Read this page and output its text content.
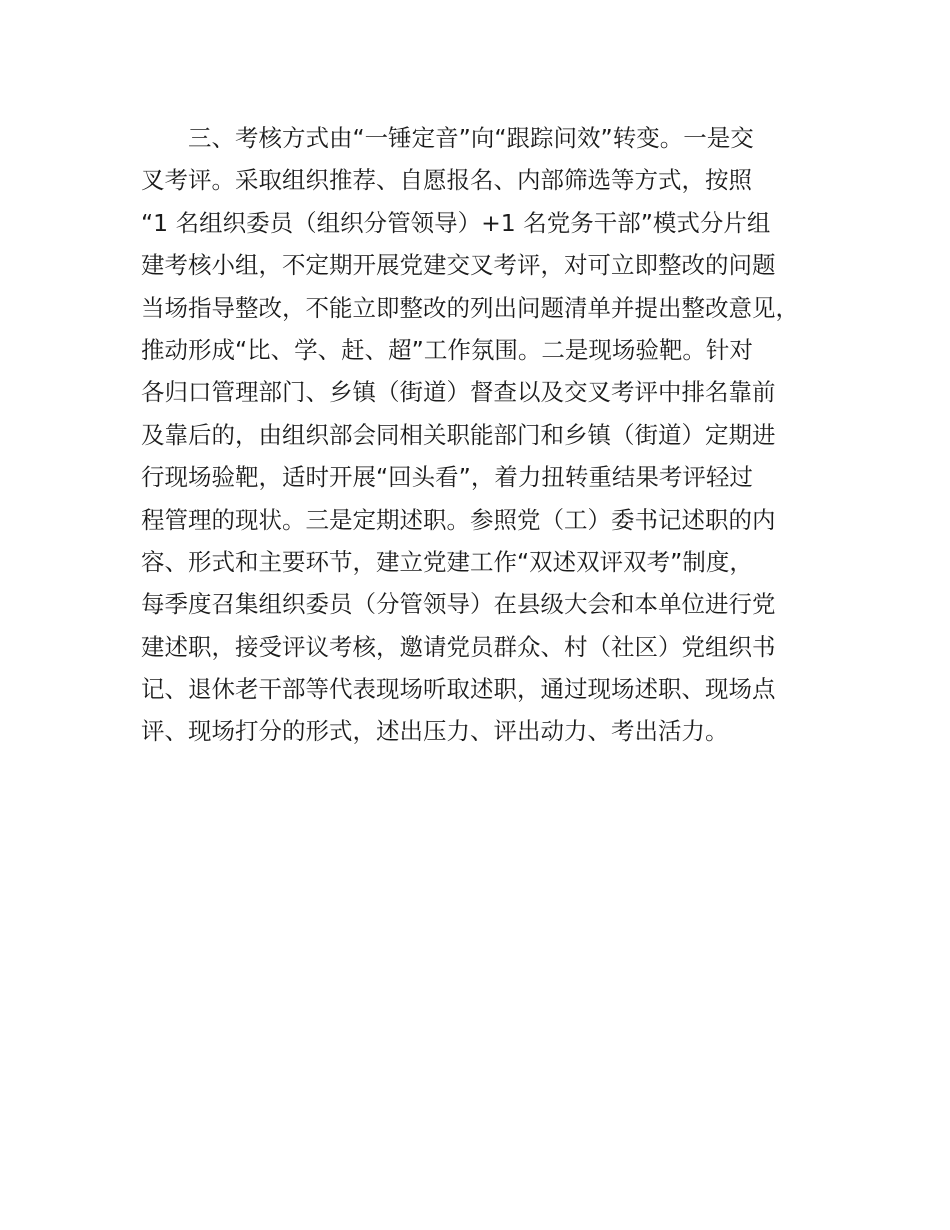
三、考核方式由“一锤定音”向“跟踪问效”转变。一是交
叉考评。采取组织推荐、自愿报名、内部筛选等方式，按照
“1 名组织委员（组织分管领导）+1 名党务干部”模式分片组
建考核小组，不定期开展党建交叉考评，对可立即整改的问题
当场指导整改，不能立即整改的列出问题清单并提出整改意见，
推动形成“比、学、赶、超”工作氛围。二是现场验靶。针对
各归口管理部门、乡镇（街道）督查以及交叉考评中排名靠前
及靠后的，由组织部会同相关职能部门和乡镇（街道）定期进
行现场验靶，适时开展“回头看”，着力扭转重结果考评轻过
程管理的现状。三是定期述职。参照党（工）委书记述职的内
容、形式和主要环节，建立党建工作“双述双评双考”制度，
每季度召集组织委员（分管领导）在县级大会和本单位进行党
建述职，接受评议考核，邀请党员群众、村（社区）党组织书
记、退休老干部等代表现场听取述职，通过现场述职、现场点
评、现场打分的形式，述出压力、评出动力、考出活力。
